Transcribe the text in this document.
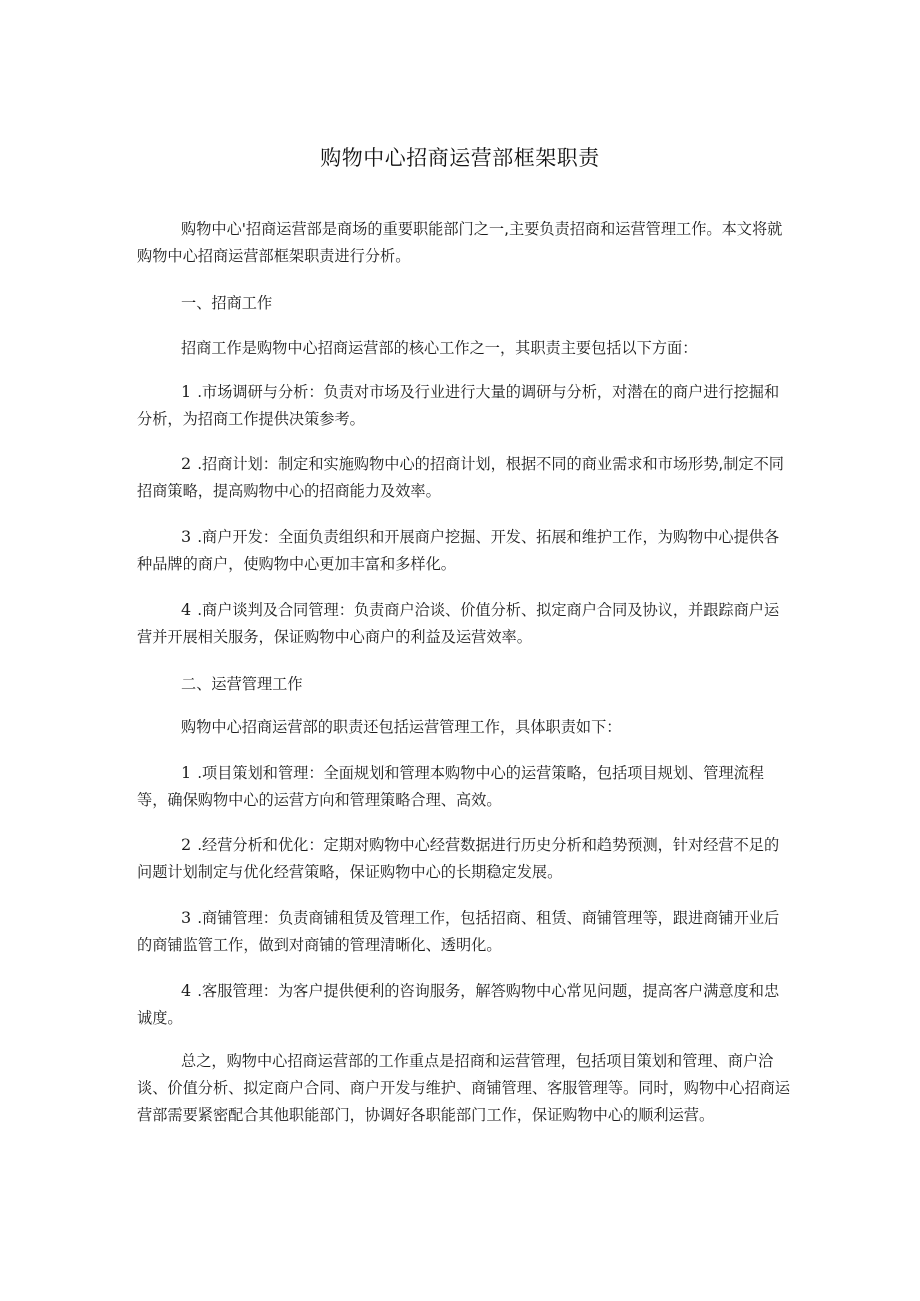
购物中心招商运营部框架职责

购物中心'招商运营部是商场的重要职能部门之一,主要负责招商和运营管理工作。本文将就购物中心招商运营部框架职责进行分析。

一、招商工作

招商工作是购物中心招商运营部的核心工作之一，其职责主要包括以下方面：

1 .市场调研与分析：负责对市场及行业进行大量的调研与分析，对潜在的商户进行挖掘和分析，为招商工作提供决策参考。

2 .招商计划：制定和实施购物中心的招商计划，根据不同的商业需求和市场形势,制定不同招商策略，提高购物中心的招商能力及效率。

3 .商户开发：全面负责组织和开展商户挖掘、开发、拓展和维护工作，为购物中心提供各种品牌的商户，使购物中心更加丰富和多样化。

4 .商户谈判及合同管理：负责商户洽谈、价值分析、拟定商户合同及协议，并跟踪商户运营并开展相关服务，保证购物中心商户的利益及运营效率。

二、运营管理工作

购物中心招商运营部的职责还包括运营管理工作，具体职责如下：

1 .项目策划和管理：全面规划和管理本购物中心的运营策略，包括项目规划、管理流程等，确保购物中心的运营方向和管理策略合理、高效。

2 .经营分析和优化：定期对购物中心经营数据进行历史分析和趋势预测，针对经营不足的问题计划制定与优化经营策略，保证购物中心的长期稳定发展。

3 .商铺管理：负责商铺租赁及管理工作，包括招商、租赁、商铺管理等，跟进商铺开业后的商铺监管工作，做到对商铺的管理清晰化、透明化。

4 .客服管理：为客户提供便利的咨询服务，解答购物中心常见问题，提高客户满意度和忠诚度。

总之，购物中心招商运营部的工作重点是招商和运营管理，包括项目策划和管理、商户洽谈、价值分析、拟定商户合同、商户开发与维护、商铺管理、客服管理等。同时，购物中心招商运营部需要紧密配合其他职能部门，协调好各职能部门工作，保证购物中心的顺利运营。
